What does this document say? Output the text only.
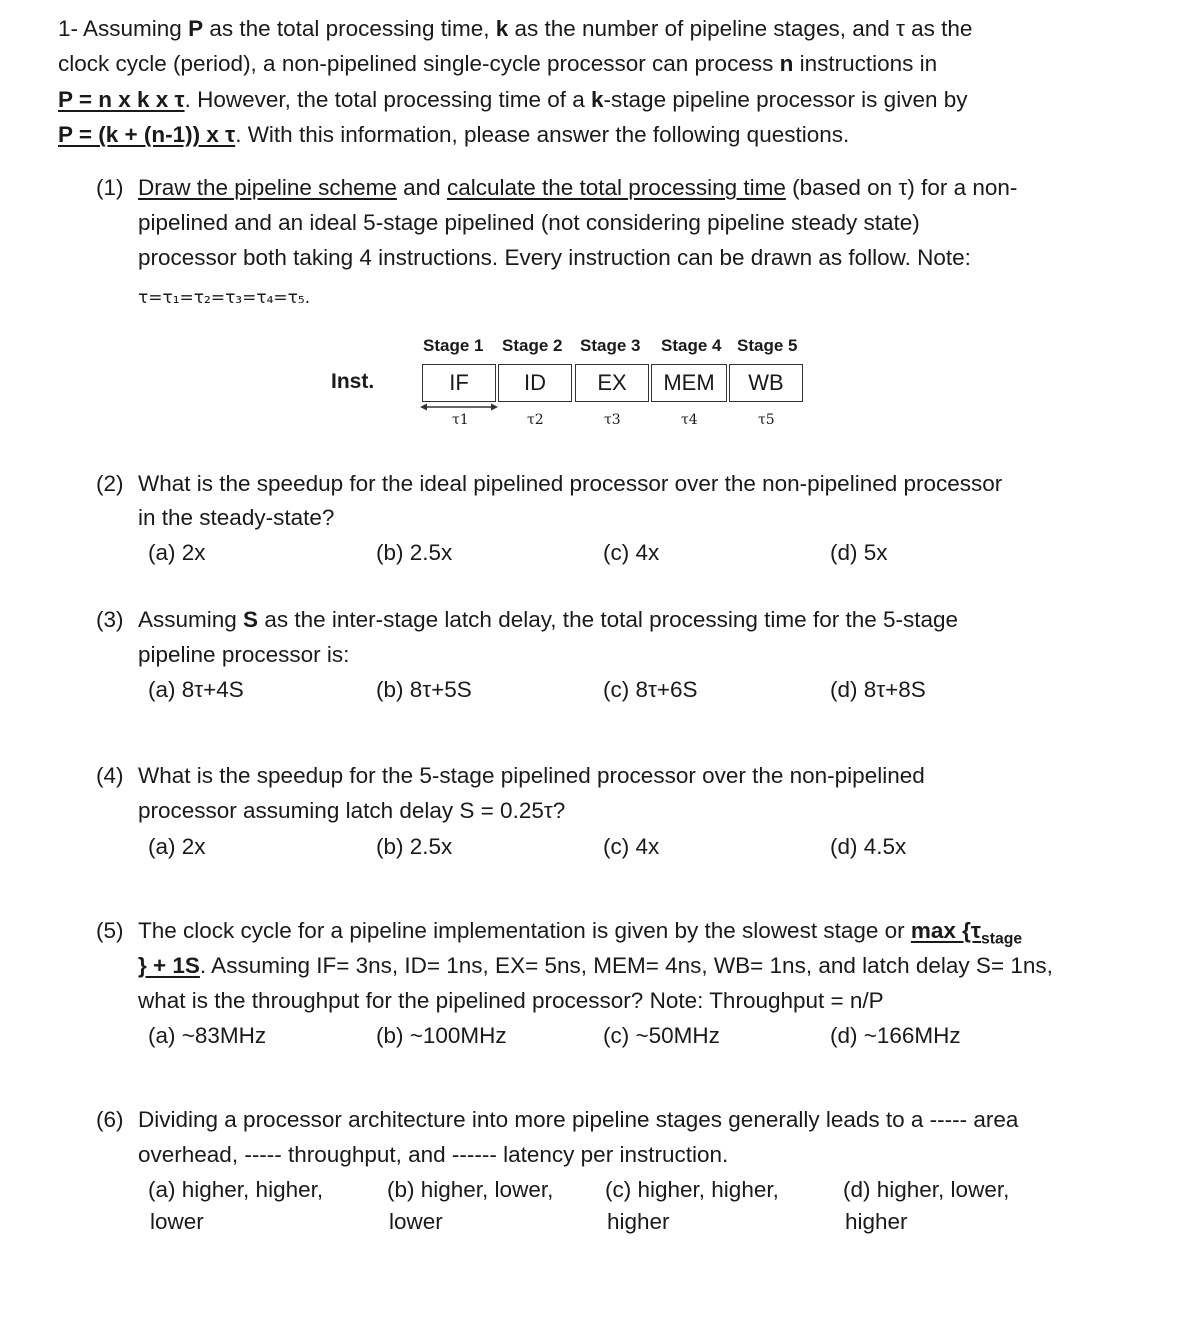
1- Assuming P as the total processing time, k as the number of pipeline stages, and τ as the
clock cycle (period), a non-pipelined single-cycle processor can process n instructions in
P = n x k x τ. However, the total processing time of a k-stage pipeline processor is given by
P = (k + (n-1)) x τ. With this information, please answer the following questions.
(1) Draw the pipeline scheme and calculate the total processing time (based on τ) for a non-
pipelined and an ideal 5-stage pipelined (not considering pipeline steady state)
processor both taking 4 instructions. Every instruction can be drawn as follow. Note:
τ=τ₁=τ₂=τ₃=τ₄=τ₅.
Inst.
Stage 1 Stage 2 Stage 3 Stage 4 Stage 5
IF	ID	EX	MEM	WB
τ1	τ2	τ3	τ4	τ5
(2) What is the speedup for the ideal pipelined processor over the non-pipelined processor
in the steady-state?
(a) 2x	(b) 2.5x	(c) 4x	(d) 5x
(3) Assuming S as the inter-stage latch delay, the total processing time for the 5-stage
pipeline processor is:
(a) 8τ+4S	(b) 8τ+5S	(c) 8τ+6S	(d) 8τ+8S
(4) What is the speedup for the 5-stage pipelined processor over the non-pipelined
processor assuming latch delay S = 0.25τ?
(a) 2x	(b) 2.5x	(c) 4x	(d) 4.5x
(5) The clock cycle for a pipeline implementation is given by the slowest stage or $\max \{\tau_{stage}$
} + 1S. Assuming IF= 3ns, ID= 1ns, EX= 5ns, MEM= 4ns, WB= 1ns, and latch delay S= 1ns,
what is the throughput for the pipelined processor? Note: Throughput = n/P
(a) ~83MHz	(b) ~100MHz	(c) ~50MHz	(d) ~166MHz
(6) Dividing a processor architecture into more pipeline stages generally leads to a ----- area
overhead, ----- throughput, and ------ latency per instruction.
(a) higher, higher,
lower
(b) higher, lower,
lower
(c) higher, higher,
higher
(d) higher, lower,
higher
